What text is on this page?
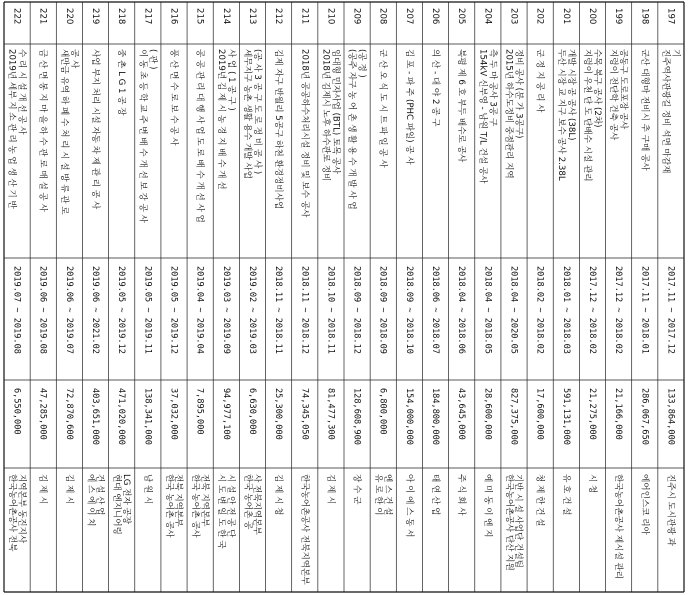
197
진주역사관광길 정비 석면 마감재 기
2017.11 ~ 2017.12
133,864,000
진주시 도시관광 과
198
군산 대형마 전비시 추 구매 공사
2017.11 ~ 2018.01
286,067,650
에어인스코 리아
199
지렁이 전단학 건축 공사 공동구 도로포장 공사
2017.12 ~ 2018.02
21,166,000
한국농어촌공사 제시설 관리
200
지렁이 우천 단 도 단배수 시설 관리 수목 복구 공사 (2차)
2017.12 ~ 2018.02
21,275,000
시 청
201
두산 시장 교 지구 보수 공사 2.38L 개발 시장 공 공사 (38L)
2018.01 ~ 2018.03
591,131,000
유 호 건 설
202
군 정 지 공 리 사
2018.02 ~ 2018.02
17,600,000
청 제 한 건 설
203
2015년 하수도정비 중점관리 지역 정비 공사 (분 가 3공구)
2018.04 ~ 2020.05
827,375,000
한국농어촌공사 단산 지원 기반 시 설 사업단 건설팀
204
154kV 신부영 - 남원 T/L 건설 공사 측 두 마 공사 3공 구
2018.04 ~ 2018.05
28,600,000
예 미 동 이 엔 지
205
북평 제 6 호 부두 배수로 공사
2018.04 ~ 2018.06
43,645,000
주 식 회 사
206
의 산 - 대 야 2 공 구
2018.06 ~ 2018.07
184,800,000
태 연 산 업
207
김 포 - 파 주 (PHC 파일) 공 사
2018.09 ~ 2018.10
154,000,000
아 이 에 스 동 서
208
군 산 오 식 도 시 트 파 일 공 사
2018.09 ~ 2018.09
6,800,000
유 로 한 이 엔 스 건 설
209
(공주 자구 농 어 촌 생 활 용 수 개 발 사 업 (공 정 )
2018.09 ~ 2018.12
128,608,900
장 수 군
210
2018년 김제시 노후 하수관로 정비 임대형 민자사업 (BTL) 토목 공사
2018.10 ~ 2018.11
81,477,300
김 제 시
211
2018년 공공하수처리시설 정비 및 보수 공사
2018.11 ~ 2018.12
74,345,050
한국농어촌공사 전북지역본부
212
김제 자구 반월리 5공구 하천 환경정비사업
2018.11 ~ 2018.11
25,300,000
김 제 시 청
213
세무지구 농촌 생활 용수 개발 사업 (공 사 3 공 구 도 로 정 비 공 사 )
2019.02 ~ 2019.03
6,630,000
한국 농어촌 공 사 전북지역본부
214
2019년 김 제 시 농 경 지 배 수 개 선 사 업 ( 1 공 구 )
2019.03 ~ 2019.09
94,977,100
시 도 변 일 도 한 국 시 설 안 전 공 단
215
공 공 관 리 대 행 사 업 도 로 배 수 개 선 사 업
2019.04 ~ 2019.04
7,895,000
한국 농어촌 공사 전북 지역본부
216
풍 산 면 수 로 보 수 공 사
2019.05 ~ 2019.12
37,032,000
한국 농어촌 공사 전북 지역본부
217
이 동 초 등 학 교 주 변 배 수 개 선 보 강 공 사 ( 관 )
2019.05 ~ 2019.11
138,341,000
남 원 시
218
중 촌 L G 1 공 장
2019.05 ~ 2019.12
471,020,000
현대 엔지니어링 LG 전자 공장
219
사업 부지 처리 시설 자동 차 제 관 리 공 사
2019.06 ~ 2021.02
403,651,000
에 스 에 이 치 건 설 산 업
220
새만금 유역 하 폐 수 처 리 시 설 방 류 관 로 공 사
2019.06 ~ 2019.07
72,870,600
김 제 시
221
금 산 면 봉 지 마 을 하 수 관 로 매 설 공 사
2019.06 ~ 2019.08
47,285,000
김 제 시
222
2019년 세부 지 소 관 리 농 업 생 산 기 반 수 리 시 설 개 선 공 사
2019.07 ~ 2019.08
6,550,000
한국농어촌공사 전북 지역본부 동진지사
